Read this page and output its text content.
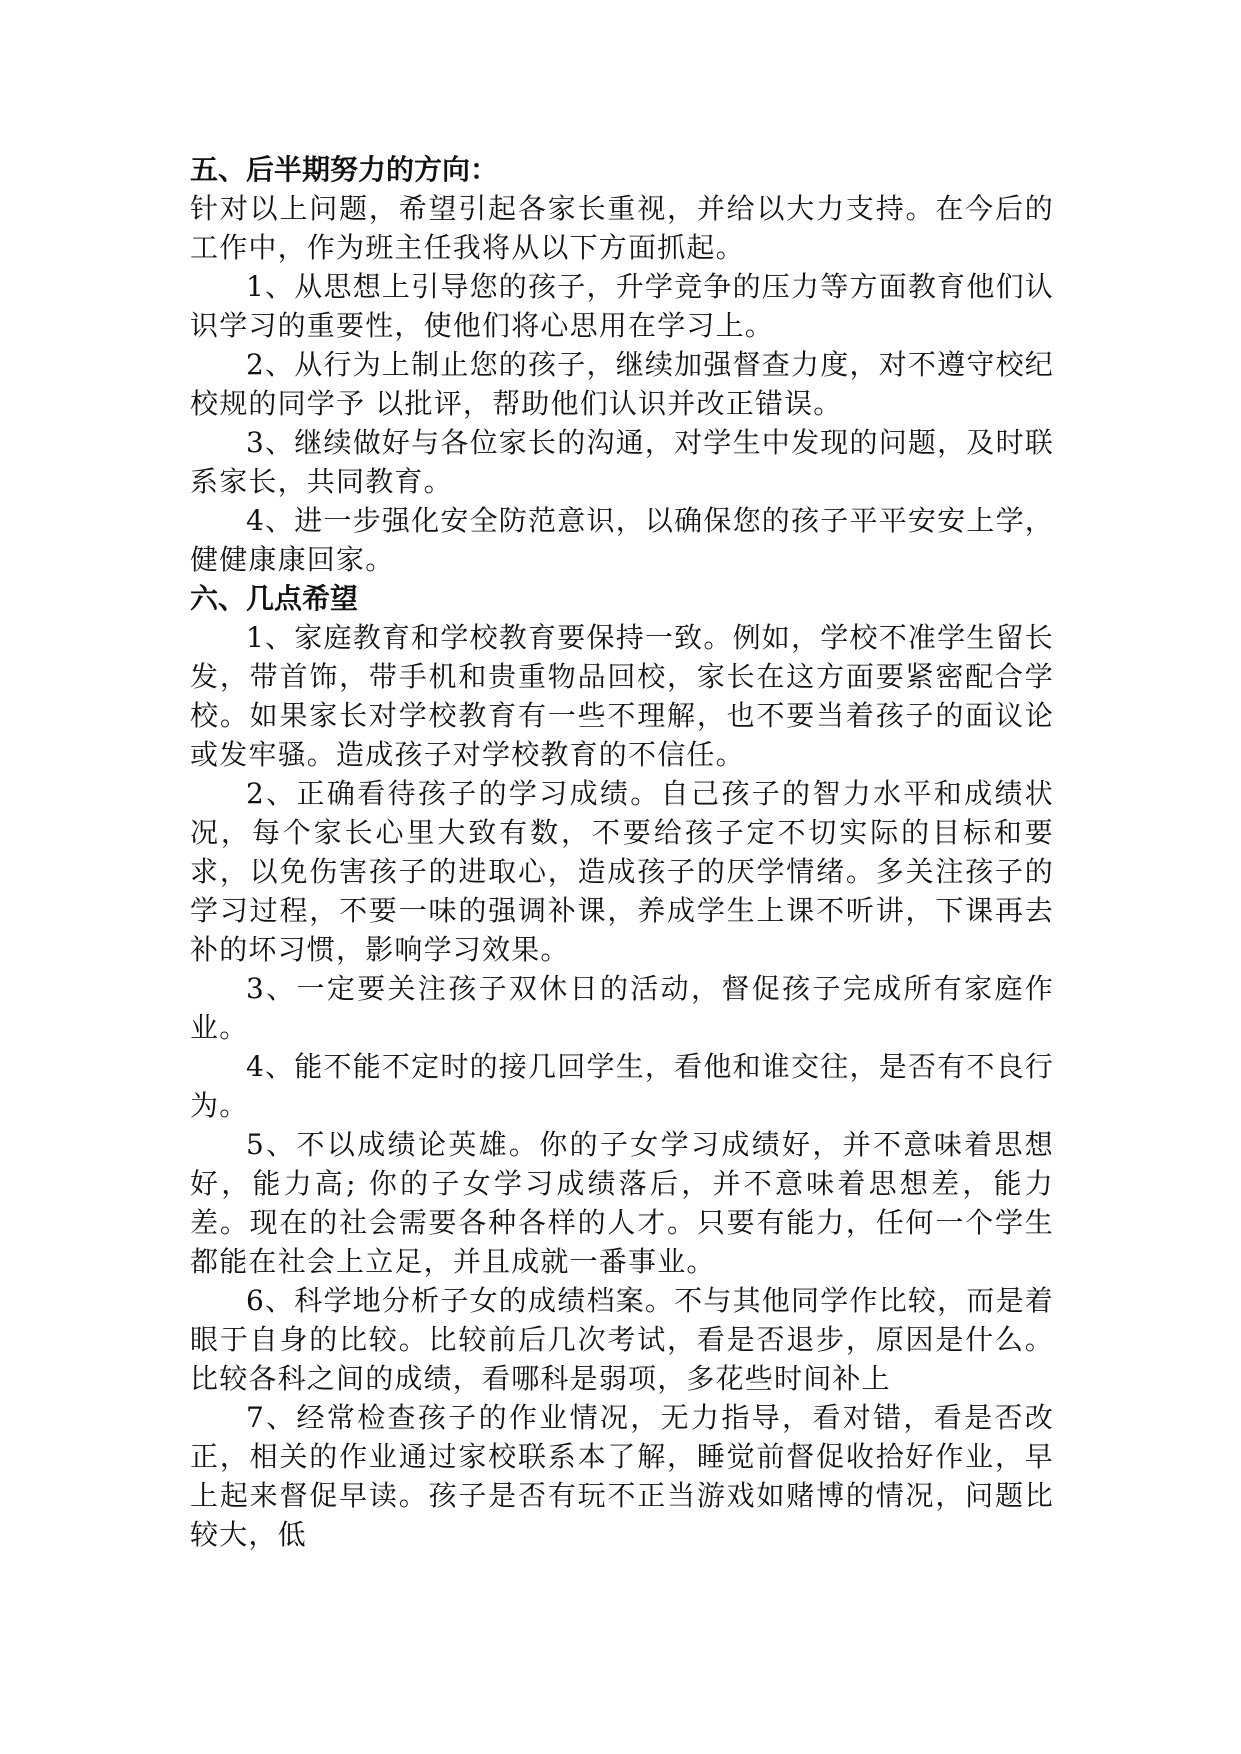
五、后半期努力的方向：

针对以上问题，希望引起各家长重视，并给以大力支持。在今后的工作中，作为班主任我将从以下方面抓起。

1、从思想上引导您的孩子，升学竞争的压力等方面教育他们认识学习的重要性，使他们将心思用在学习上。

2、从行为上制止您的孩子，继续加强督查力度，对不遵守校纪校规的同学予 以批评，帮助他们认识并改正错误。

3、继续做好与各位家长的沟通，对学生中发现的问题，及时联系家长，共同教育。

4、进一步强化安全防范意识，以确保您的孩子平平安安上学，健健康康回家。

六、几点希望

1、家庭教育和学校教育要保持一致。例如，学校不准学生留长发，带首饰，带手机和贵重物品回校，家长在这方面要紧密配合学校。如果家长对学校教育有一些不理解，也不要当着孩子的面议论或发牢骚。造成孩子对学校教育的不信任。

2、正确看待孩子的学习成绩。自己孩子的智力水平和成绩状况，每个家长心里大致有数，不要给孩子定不切实际的目标和要求，以免伤害孩子的进取心，造成孩子的厌学情绪。多关注孩子的学习过程，不要一味的强调补课，养成学生上课不听讲，下课再去补的坏习惯，影响学习效果。

3、一定要关注孩子双休日的活动，督促孩子完成所有家庭作业。

4、能不能不定时的接几回学生，看他和谁交往，是否有不良行为。

5、不以成绩论英雄。你的子女学习成绩好，并不意味着思想好，能力高; 你的子女学习成绩落后，并不意味着思想差，能力差。现在的社会需要各种各样的人才。只要有能力，任何一个学生都能在社会上立足，并且成就一番事业。

6、科学地分析子女的成绩档案。不与其他同学作比较，而是着眼于自身的比较。比较前后几次考试，看是否退步，原因是什么。比较各科之间的成绩，看哪科是弱项，多花些时间补上

7、经常检查孩子的作业情况，无力指导，看对错，看是否改正，相关的作业通过家校联系本了解，睡觉前督促收拾好作业，早上起来督促早读。孩子是否有玩不正当游戏如赌博的情况，问题比较大，低
